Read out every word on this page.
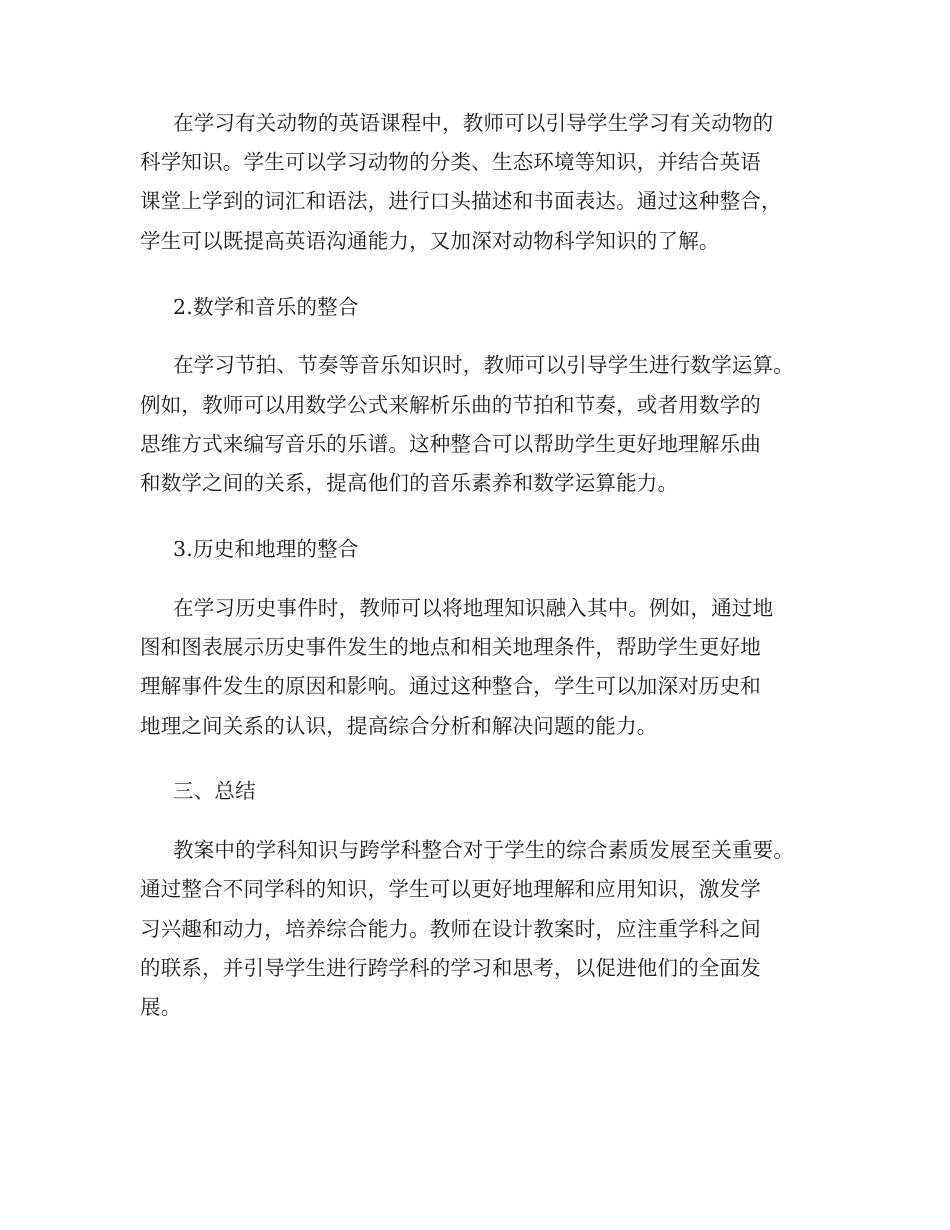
在学习有关动物的英语课程中，教师可以引导学生学习有关动物的
科学知识。学生可以学习动物的分类、生态环境等知识，并结合英语
课堂上学到的词汇和语法，进行口头描述和书面表达。通过这种整合，
学生可以既提高英语沟通能力，又加深对动物科学知识的了解。
2.数学和音乐的整合
在学习节拍、节奏等音乐知识时，教师可以引导学生进行数学运算。
例如，教师可以用数学公式来解析乐曲的节拍和节奏，或者用数学的
思维方式来编写音乐的乐谱。这种整合可以帮助学生更好地理解乐曲
和数学之间的关系，提高他们的音乐素养和数学运算能力。
3.历史和地理的整合
在学习历史事件时，教师可以将地理知识融入其中。例如，通过地
图和图表展示历史事件发生的地点和相关地理条件，帮助学生更好地
理解事件发生的原因和影响。通过这种整合，学生可以加深对历史和
地理之间关系的认识，提高综合分析和解决问题的能力。
三、总结
教案中的学科知识与跨学科整合对于学生的综合素质发展至关重要。
通过整合不同学科的知识，学生可以更好地理解和应用知识，激发学
习兴趣和动力，培养综合能力。教师在设计教案时，应注重学科之间
的联系，并引导学生进行跨学科的学习和思考，以促进他们的全面发
展。
